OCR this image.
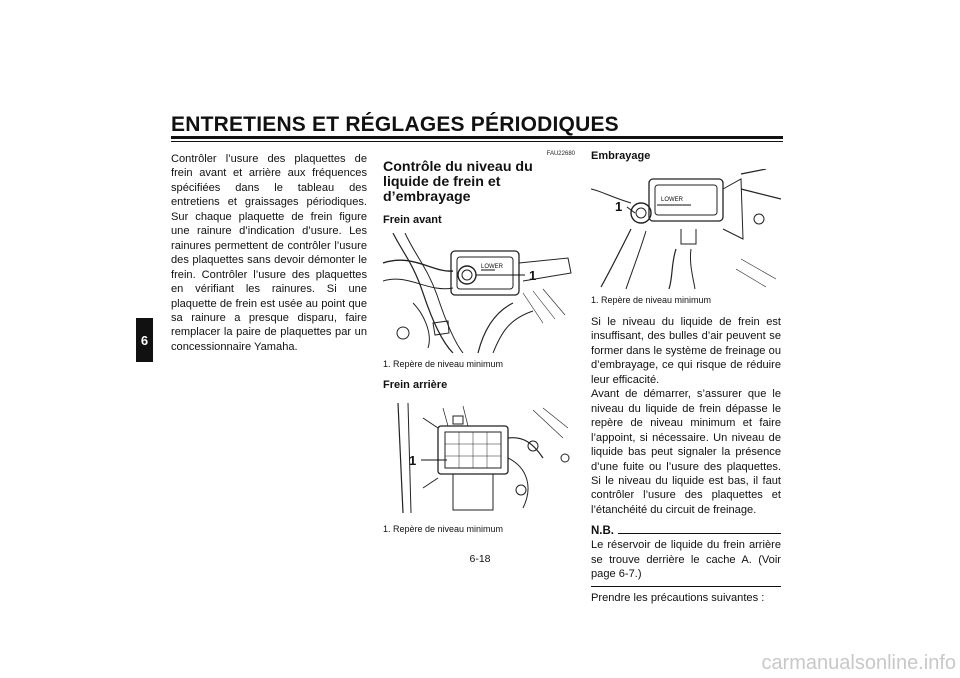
ENTRETIENS ET RÉGLAGES PÉRIODIQUES
6
Contrôler l’usure des plaquettes de frein avant et arrière aux fréquences spécifiées dans le tableau des entretiens et graissages périodiques. Sur chaque plaquette de frein figure une rainure d’indication d’usure. Les rainures permettent de contrôler l’usure des plaquettes sans devoir démonter le frein. Contrôler l’usure des plaquettes en vérifiant les rainures. Si une plaquette de frein est usée au point que sa rainure a presque disparu, faire remplacer la paire de plaquettes par un concessionnaire Yamaha.
FAU22680
Contrôle du niveau du liquide de frein et d’embrayage
Frein avant
LOWER
1
1. Repère de niveau minimum
Frein arrière
1
1. Repère de niveau minimum
Embrayage
LOWER
1
1. Repère de niveau minimum
Si le niveau du liquide de frein est insuffisant, des bulles d’air peuvent se former dans le système de freinage ou d’embrayage, ce qui risque de réduire leur efficacité.
Avant de démarrer, s’assurer que le niveau du liquide de frein dépasse le repère de niveau minimum et faire l’appoint, si nécessaire. Un niveau de liquide bas peut signaler la présence d’une fuite ou l’usure des plaquettes. Si le niveau du liquide est bas, il faut contrôler l’usure des plaquettes et l’étanchéité du circuit de freinage.
N.B.
Le réservoir de liquide du frein arrière se trouve derrière le cache A. (Voir page 6-7.)
Prendre les précautions suivantes :
6-18
carmanualsonline.info
